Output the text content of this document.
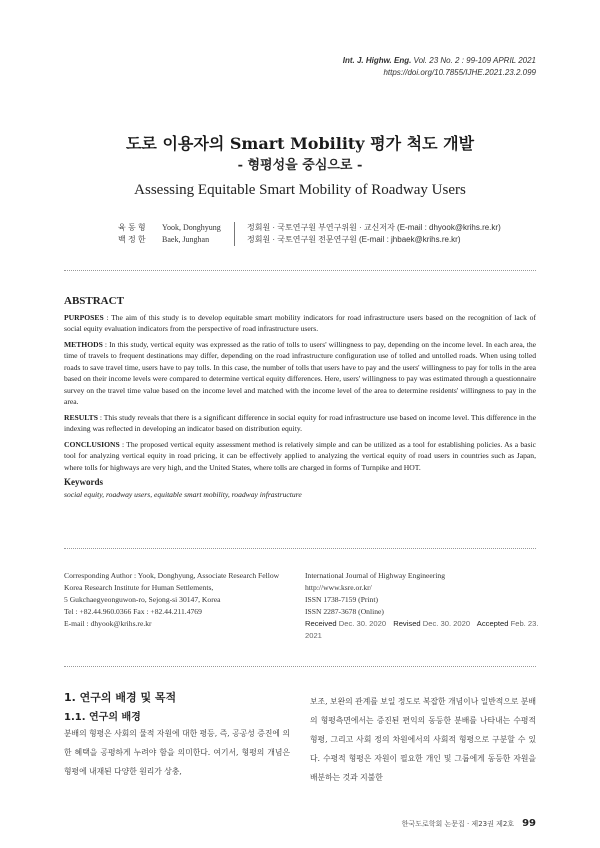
Int. J. Highw. Eng. Vol. 23 No. 2 : 99-109 APRIL 2021
https://doi.org/10.7855/IJHE.2021.23.2.099
도로 이용자의 Smart Mobility 평가 척도 개발
- 형평성을 중심으로 -
Assessing Equitable Smart Mobility of Roadway Users
육 동 형	Yook, Donghyung	정회원 · 국토연구원 부연구위원 · 교신저자 (E-mail : dhyook@krihs.re.kr)
백 정 한	Baek, Junghan	정회원 · 국토연구원 전문연구원 (E-mail : jhbaek@krihs.re.kr)
ABSTRACT

PURPOSES : The aim of this study is to develop equitable smart mobility indicators for road infrastructure users based on the recognition of lack of social equity evaluation indicators from the perspective of road infrastructure users.

METHODS : In this study, vertical equity was expressed as the ratio of tolls to users' willingness to pay, depending on the income level. In each area, the time of travels to frequent destinations may differ, depending on the road infrastructure configuration use of tolled and untolled roads. When using tolled roads to save travel time, users have to pay tolls. In this case, the number of tolls that users have to pay and the users' willingness to pay for tolls in the area based on their income levels were compared to determine vertical equity differences. Here, users' willingness to pay was estimated through a questionnaire survey on the travel time value based on the income level and matched with the income level of the area to determine residents' willingness to pay in the area.

RESULTS : This study reveals that there is a significant difference in social equity for road infrastructure use based on income level. This difference in the indexing was reflected in developing an indicator based on distribution equity.

CONCLUSIONS : The proposed vertical equity assessment method is relatively simple and can be utilized as a tool for establishing policies. As a basic tool for analyzing vertical equity in road pricing, it can be effectively applied to analyzing the vertical equity of road users in countries such as Japan, where tolls for highways are very high, and the United States, where tolls are charged in forms of Turnpike and HOT.

Keywords
social equity, roadway users, equitable smart mobility, roadway infrastructure
Corresponding Author : Yook, Donghyung, Associate Research Fellow
Korea Research Institute for Human Settlements,
5 Gukchaegyeonguwon-ro, Sejong-si 30147, Korea
Tel : +82.44.960.0366 Fax : +82.44.211.4769
E-mail : dhyook@krihs.re.kr
International Journal of Highway Engineering
http://www.ksre.or.kr/
ISSN 1738-7159 (Print)
ISSN 2287-3678 (Online)
Received Dec. 30. 2020 Revised Dec. 30. 2020 Accepted Feb. 23. 2021
1. 연구의 배경 및 목적
1.1. 연구의 배경
분배의 형평은 사회의 물적 자원에 대한 평등, 즉, 공공성 증진에 의한 혜택을 공평하게 누려야 함을 의미한다. 여기서, 형평의 개념은 형평에 내재된 다양한 원리가 상충,
보조, 보완의 관계를 보일 정도로 복잡한 개념이나 일반적으로 분배의 형평측면에서는 증진된 편익의 동등한 분배를 나타내는 수평적 형평, 그리고 사회 정의 차원에서의 사회적 형평으로 구분할 수 있다. 수평적 형평은 자원이 필요한 개인 및 그룹에게 동등한 자원을 배분하는 것과 지불한
한국도로학회 논문집 · 제23권 제2호 99
